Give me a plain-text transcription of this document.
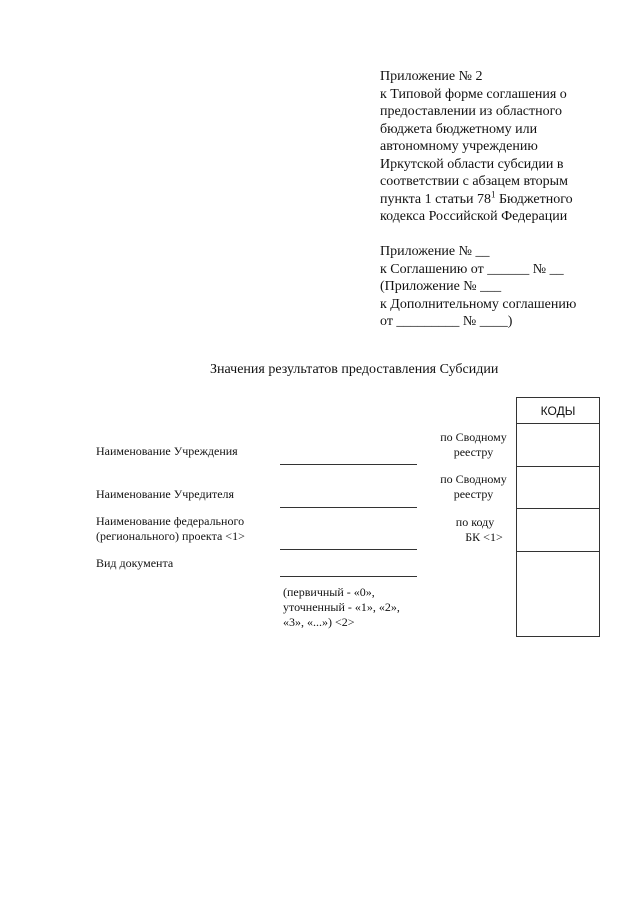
Приложение № 2
к Типовой форме соглашения о
предоставлении из областного
бюджета бюджетному или
автономному учреждению
Иркутской области субсидии в
соответствии с абзацем вторым
пункта 1 статьи $78^1$ Бюджетного
кодекса Российской Федерации
Приложение № __
к Соглашению от ______ № __
(Приложение № ___
к Дополнительному соглашению
от _________ № ____)
Значения результатов предоставления Субсидии
КОДЫ
Наименование Учреждения
Наименование Учредителя
Наименование федерального
(регионального) проекта <1>
Вид документа
(первичный - «0»,
уточненный - «1», «2»,
«3», «...») <2>
по Сводному
реестру
по Сводному
реестру
по коду
БК <1>
